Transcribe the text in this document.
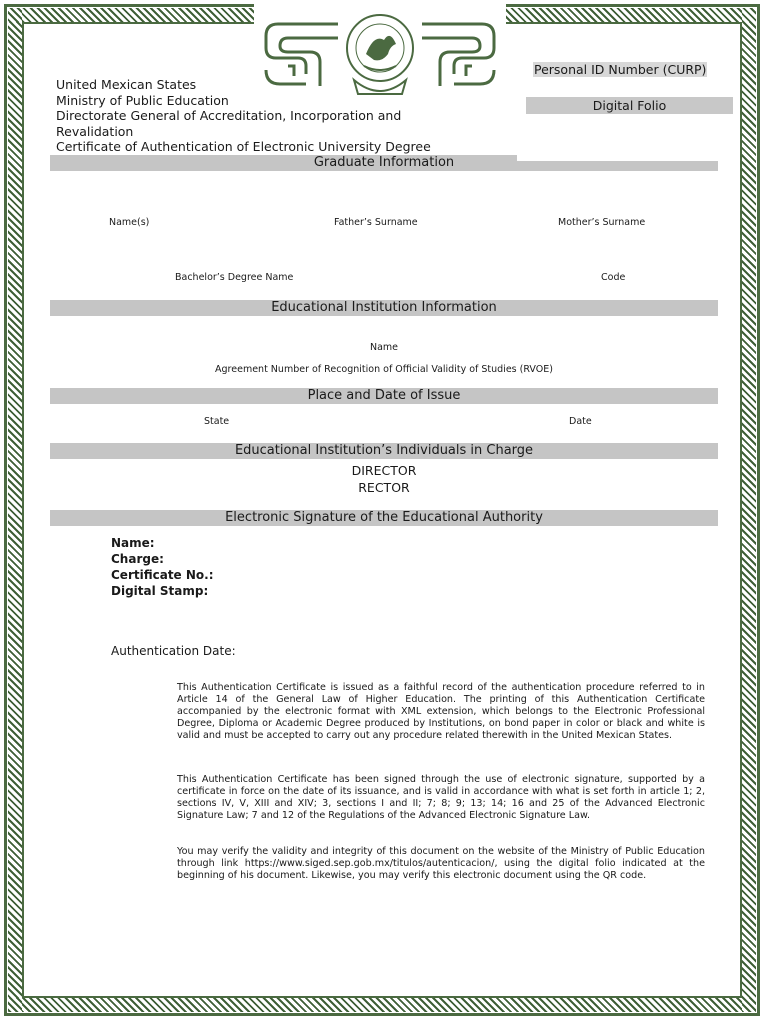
United Mexican States
Ministry of Public Education
Directorate General of Accreditation, Incorporation and
Revalidation
Certificate of Authentication of Electronic University Degree
Personal ID Number (CURP)
Digital Folio
Graduate Information
Name(s)	Father’s Surname	Mother’s Surname
Bachelor’s Degree Name	Code
Educational Institution Information
Name
Agreement Number of Recognition of Official Validity of Studies (RVOE)
Place and Date of Issue
State	Date
Educational Institution’s Individuals in Charge
DIRECTOR
RECTOR
Electronic Signature of the Educational Authority
Name:
Charge:
Certificate No.:
Digital Stamp:
Authentication Date:
This Authentication Certificate is issued as a faithful record of the authentication procedure referred to in Article 14 of the General Law of Higher Education. The printing of this Authentication Certificate accompanied by the electronic format with XML extension, which belongs to the Electronic Professional Degree, Diploma or Academic Degree produced by Institutions, on bond paper in color or black and white is valid and must be accepted to carry out any procedure related therewith in the United Mexican States.
This Authentication Certificate has been signed through the use of electronic signature, supported by a certificate in force on the date of its issuance, and is valid in accordance with what is set forth in article 1; 2, sections IV, V, XIII and XIV; 3, sections I and II; 7; 8; 9; 13; 14; 16 and 25 of the Advanced Electronic Signature Law; 7 and 12 of the Regulations of the Advanced Electronic Signature Law.
You may verify the validity and integrity of this document on the website of the Ministry of Public Education through link https://www.siged.sep.gob.mx/titulos/autenticacion/, using the digital folio indicated at the beginning of his document. Likewise, you may verify this electronic document using the QR code.
